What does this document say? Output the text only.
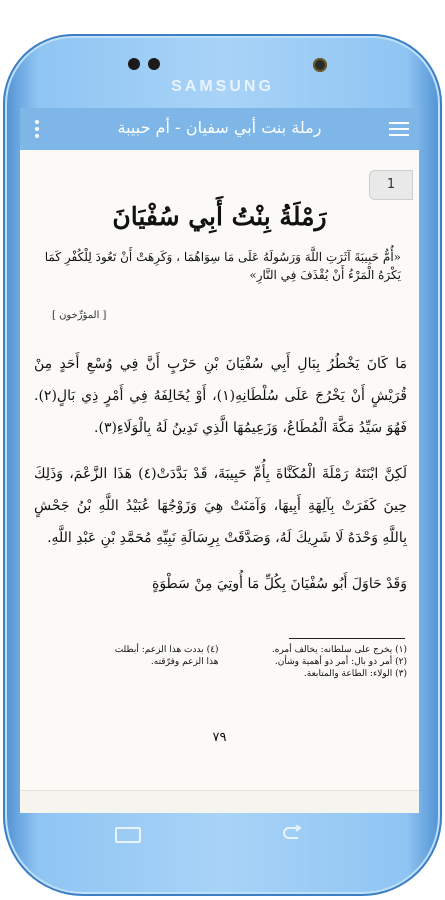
SAMSUNG
رملة بنت أبي سفيان - أم حبيبة
1
رَمْلَةُ بِنْتُ أَبِي سُفْيَانَ
«أُمُّ حَبِيبَةَ آثَرَتِ اللَّهَ وَرَسُولَهُ عَلَى مَا سِوَاهُمَا ، وَكَرِهَتْ أَنْ تَعُودَ لِلْكُفْرِ كَمَا يَكْرَهُ الْمَرْءُ أَنْ يُقْذَفَ فِي النَّارِ»
[ المؤرِّخون ]

مَا كَانَ يَخْطُرُ بِبَالِ أَبِي سُفْيَانَ بْنِ حَرْبٍ أَنَّ فِي وُسْعِ أَحَدٍ مِنْ قُرَيْشٍ أَنْ يَخْرُجَ عَلَى سُلْطَانِهِ(١)، أَوْ يُخَالِفَهُ فِي أَمْرٍ ذِي بَالٍ(٢). فَهُوَ سَيِّدُ مَكَّةَ الْمُطَاعُ، وَزَعِيمُهَا الَّذِي تَدِينُ لَهُ بِالْوَلَاءِ(٣).

لَكِنَّ ابْنَتَهُ رَمْلَةَ الْمُكَنَّاةَ بِأُمِّ حَبِيبَةَ، قَدْ بَدَّدَتْ(٤) هَذَا الزَّعْمَ، وَذَلِكَ حِينَ كَفَرَتْ بِآلِهَةِ أَبِيهَا، وَآمَنَتْ هِيَ وَزَوْجُهَا عُبَيْدُ اللَّهِ بْنُ جَحْشٍ بِاللَّهِ وَحْدَهُ لَا شَرِيكَ لَهُ، وَصَدَّقَتْ بِرِسَالَةِ نَبِيِّهِ مُحَمَّدِ بْنِ عَبْدِ اللَّهِ.

وَقَدْ حَاوَلَ أَبُو سُفْيَانَ بِكُلِّ مَا أُوتِيَ مِنْ سَطْوَةٍ

(١) يخرج على سلطانه: يخالف أمره.
(٢) أمر ذو بال: أمر ذو أهمية وشأن.
(٣) الولاء: الطاعة والمتابعة.
(٤) بددت هذا الزعم: أبطلت
هذا الزعم وفرّقته.
٧٩
